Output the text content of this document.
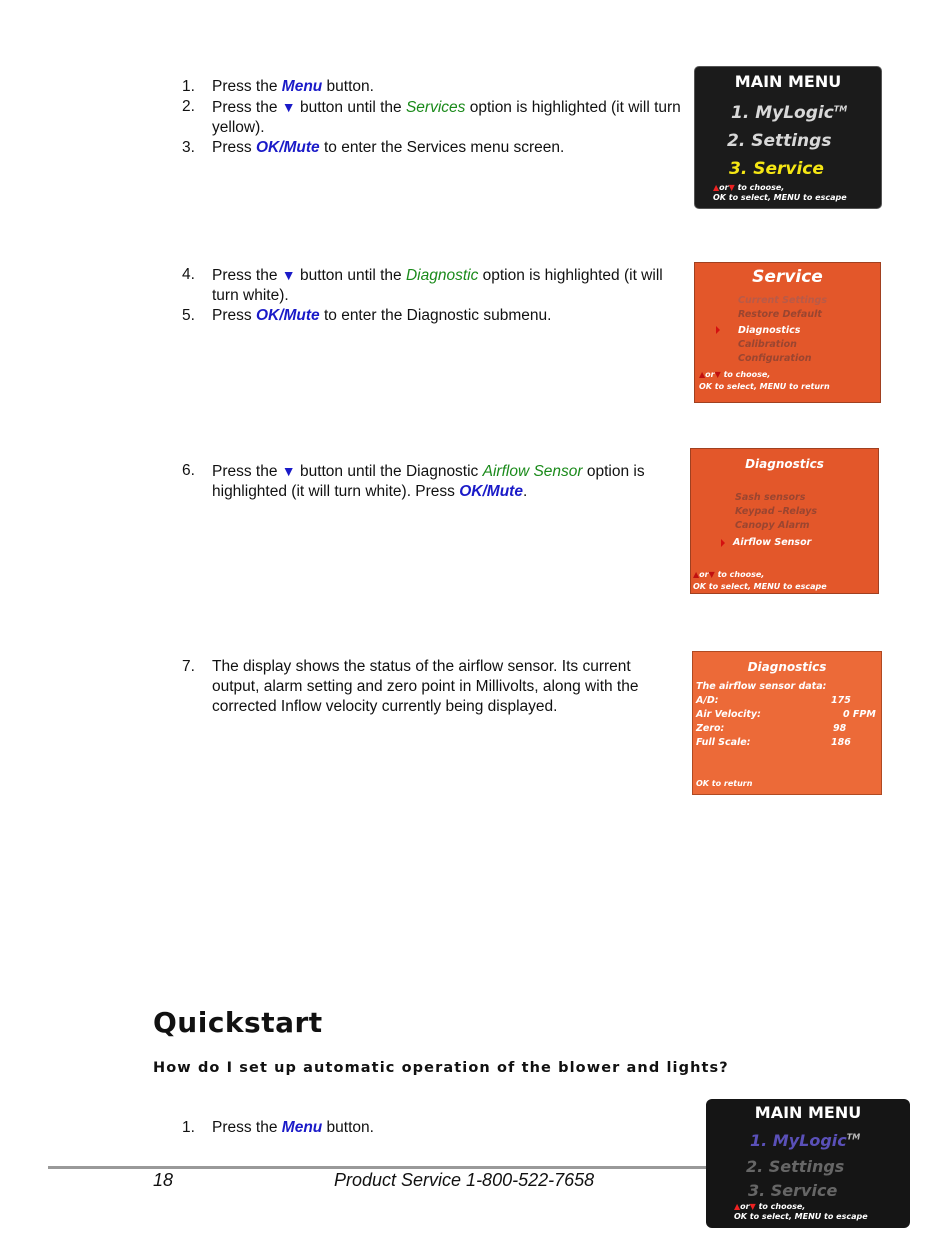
1.	Press the Menu button.
2.	Press the ▼ button until the Services option is highlighted (it will turn yellow).
3.	Press OK/Mute to enter the Services menu screen.
MAIN MENU
1. MyLogic™
2. Settings
3. Service
▲or▼ to choose,
OK to select, MENU to escape
4.	Press the ▼ button until the Diagnostic option is highlighted (it will turn white).
5.	Press OK/Mute to enter the Diagnostic submenu.
Service
Current Settings
Restore Default
Diagnostics
Calibration
Configuration
▲or▼ to choose,
OK to select, MENU to return
6.	Press the ▼ button until the Diagnostic Airflow Sensor option is highlighted (it will turn white). Press OK/Mute.
Diagnostics
Sash sensors
Keypad –Relays
Canopy Alarm
Airflow Sensor
▲or▼ to choose,
OK to select, MENU to escape
7.	The display shows the status of the airflow sensor. Its current output, alarm setting and zero point in Millivolts, along with the corrected Inflow velocity currently being displayed.
Diagnostics
The airflow sensor data:
A/D:	175
Air Velocity:	0 FPM
Zero:	98
Full Scale:	186
OK to return
Quickstart
How do I set up automatic operation of the blower and lights?
1.	Press the Menu button.
MAIN MENU
1. MyLogic™
2. Settings
3. Service
▲or▼ to choose,
OK to select, MENU to escape
18	Product Service 1-800-522-7658
